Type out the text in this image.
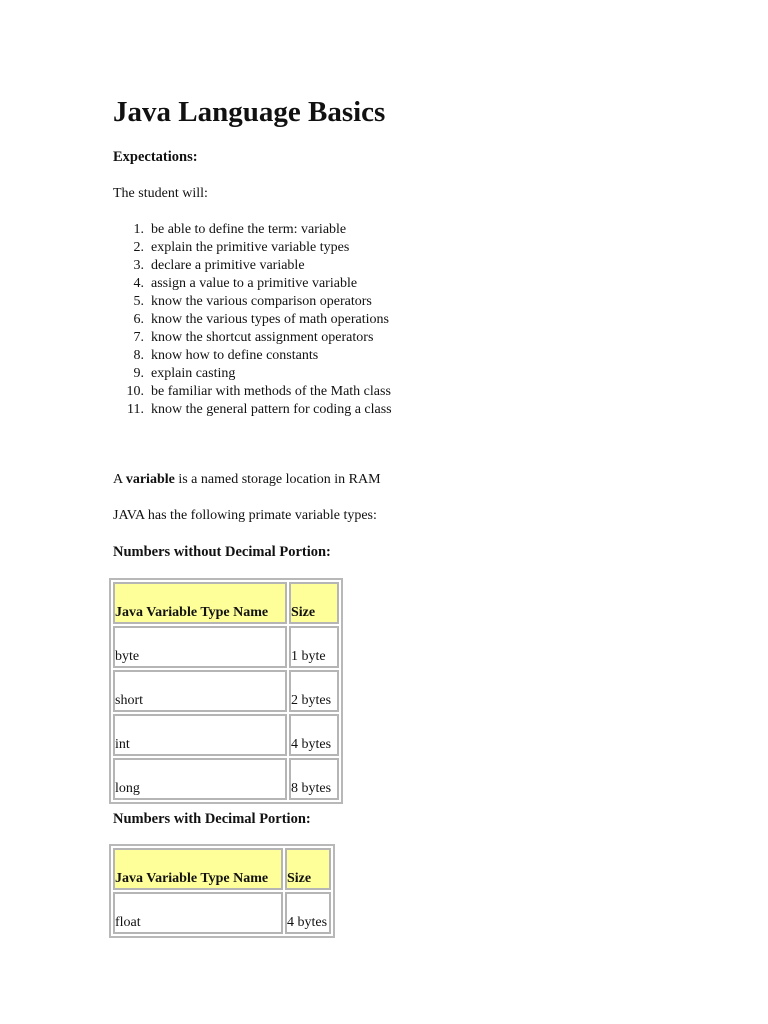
Java Language Basics
Expectations:

The student will:

1. be able to define the term: variable
2. explain the primitive variable types
3. declare a primitive variable
4. assign a value to a primitive variable
5. know the various comparison operators
6. know the various types of math operations
7. know the shortcut assignment operators
8. know how to define constants
9. explain casting
10. be familiar with methods of the Math class
11. know the general pattern for coding a class

A variable is a named storage location in RAM

JAVA has the following primate variable types:

Numbers without Decimal Portion:
Java Variable Type Name	Size
byte	1 byte
short	2 bytes
int	4 bytes
long	8 bytes
Numbers with Decimal Portion:
Java Variable Type Name	Size
float	4 bytes
